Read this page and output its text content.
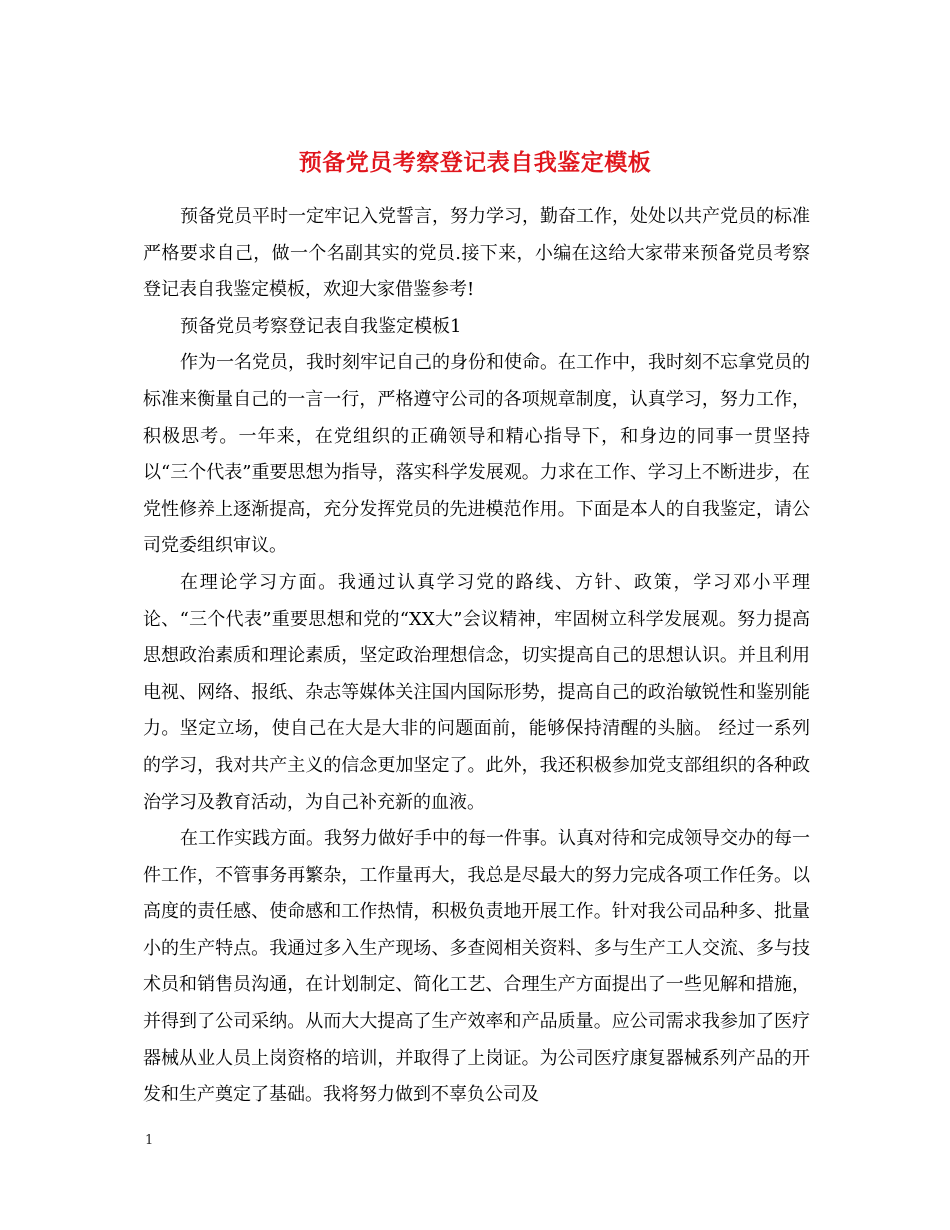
预备党员考察登记表自我鉴定模板

预备党员平时一定牢记入党誓言，努力学习，勤奋工作，处处以共产党员的标准严格要求自己，做一个名副其实的党员.接下来，小编在这给大家带来预备党员考察登记表自我鉴定模板，欢迎大家借鉴参考!

预备党员考察登记表自我鉴定模板1

作为一名党员，我时刻牢记自己的身份和使命。在工作中，我时刻不忘拿党员的标准来衡量自己的一言一行，严格遵守公司的各项规章制度，认真学习，努力工作，积极思考。一年来，在党组织的正确领导和精心指导下，和身边的同事一贯坚持以“三个代表”重要思想为指导，落实科学发展观。力求在工作、学习上不断进步，在党性修养上逐渐提高，充分发挥党员的先进模范作用。下面是本人的自我鉴定，请公司党委组织审议。

在理论学习方面。我通过认真学习党的路线、方针、政策，学习邓小平理论、“三个代表”重要思想和党的“XX大”会议精神，牢固树立科学发展观。努力提高思想政治素质和理论素质，坚定政治理想信念，切实提高自己的思想认识。并且利用电视、网络、报纸、杂志等媒体关注国内国际形势，提高自己的政治敏锐性和鉴别能力。坚定立场，使自己在大是大非的问题面前，能够保持清醒的头脑。 经过一系列的学习，我对共产主义的信念更加坚定了。此外，我还积极参加党支部组织的各种政治学习及教育活动，为自己补充新的血液。

在工作实践方面。我努力做好手中的每一件事。认真对待和完成领导交办的每一件工作，不管事务再繁杂，工作量再大，我总是尽最大的努力完成各项工作任务。以高度的责任感、使命感和工作热情，积极负责地开展工作。针对我公司品种多、批量小的生产特点。我通过多入生产现场、多查阅相关资料、多与生产工人交流、多与技术员和销售员沟通，在计划制定、简化工艺、合理生产方面提出了一些见解和措施，并得到了公司采纳。从而大大提高了生产效率和产品质量。应公司需求我参加了医疗器械从业人员上岗资格的培训，并取得了上岗证。为公司医疗康复器械系列产品的开发和生产奠定了基础。我将努力做到不辜负公司及

1
